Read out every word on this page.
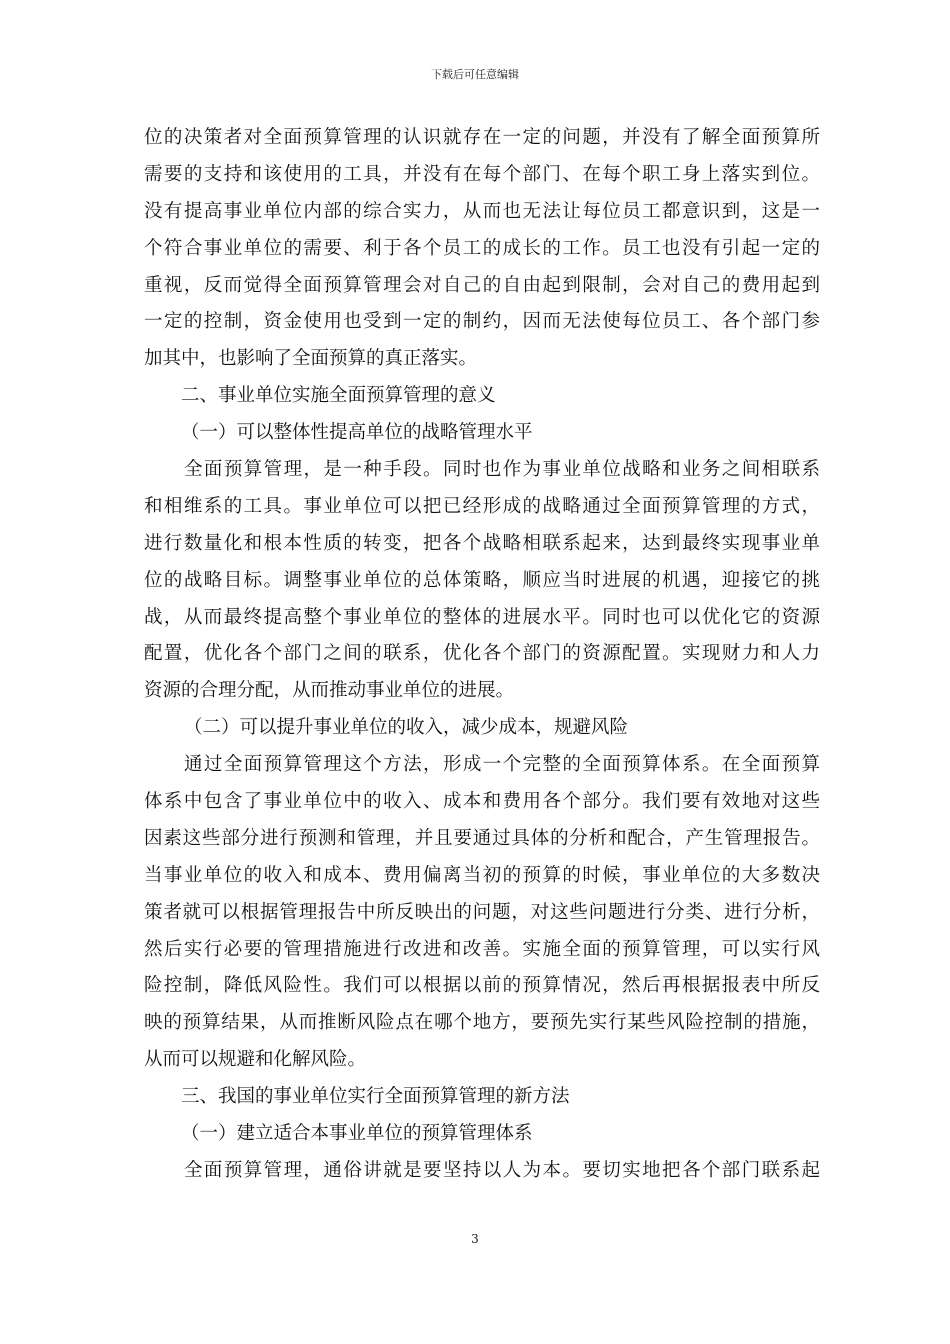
下载后可任意编辑
位的决策者对全面预算管理的认识就存在一定的问题，并没有了解全面预算所
需要的支持和该使用的工具，并没有在每个部门、在每个职工身上落实到位。
没有提高事业单位内部的综合实力，从而也无法让每位员工都意识到，这是一
个符合事业单位的需要、利于各个员工的成长的工作。员工也没有引起一定的
重视，反而觉得全面预算管理会对自己的自由起到限制，会对自己的费用起到
一定的控制，资金使用也受到一定的制约，因而无法使每位员工、各个部门参
加其中，也影响了全面预算的真正落实。
二、事业单位实施全面预算管理的意义
（一）可以整体性提高单位的战略管理水平
全面预算管理，是一种手段。同时也作为事业单位战略和业务之间相联系
和相维系的工具。事业单位可以把已经形成的战略通过全面预算管理的方式，
进行数量化和根本性质的转变，把各个战略相联系起来，达到最终实现事业单
位的战略目标。调整事业单位的总体策略，顺应当时进展的机遇，迎接它的挑
战，从而最终提高整个事业单位的整体的进展水平。同时也可以优化它的资源
配置，优化各个部门之间的联系，优化各个部门的资源配置。实现财力和人力
资源的合理分配，从而推动事业单位的进展。
（二）可以提升事业单位的收入，减少成本，规避风险
通过全面预算管理这个方法，形成一个完整的全面预算体系。在全面预算
体系中包含了事业单位中的收入、成本和费用各个部分。我们要有效地对这些
因素这些部分进行预测和管理，并且要通过具体的分析和配合，产生管理报告。
当事业单位的收入和成本、费用偏离当初的预算的时候，事业单位的大多数决
策者就可以根据管理报告中所反映出的问题，对这些问题进行分类、进行分析，
然后实行必要的管理措施进行改进和改善。实施全面的预算管理，可以实行风
险控制，降低风险性。我们可以根据以前的预算情况，然后再根据报表中所反
映的预算结果，从而推断风险点在哪个地方，要预先实行某些风险控制的措施，
从而可以规避和化解风险。
三、我国的事业单位实行全面预算管理的新方法
（一）建立适合本事业单位的预算管理体系
全面预算管理，通俗讲就是要坚持以人为本。要切实地把各个部门联系起
3
